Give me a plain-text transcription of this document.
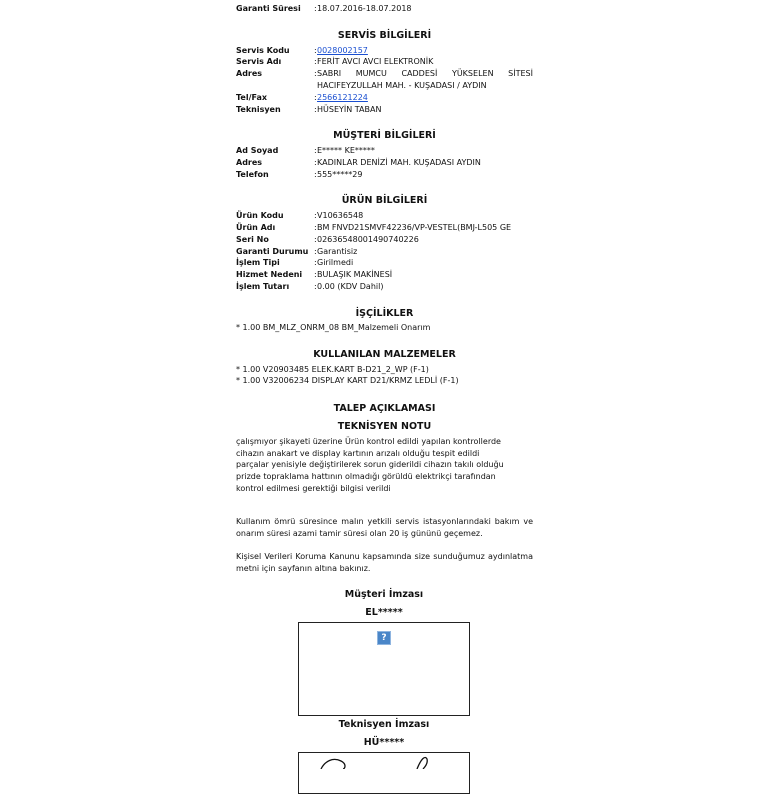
Garanti Süresi	: 18.07.2016-18.07.2018
SERVİS BİLGİLERİ
Servis Kodu	: 0028002157
Servis Adı	: FERİT AVCI AVCI ELEKTRONİK
Adres	: SABRI MUMCU CADDESİ YÜKSELEN SİTESİ
HACIFEYZULLAH MAH. - KUŞADASI / AYDIN
Tel/Fax	: 2566121224
Teknisyen	: HÜSEYİN TABAN
MÜŞTERİ BİLGİLERİ
Ad Soyad	: E***** KE*****
Adres	: KADINLAR DENİZİ MAH. KUŞADASI AYDIN
Telefon	: 555*****29
ÜRÜN BİLGİLERİ
Ürün Kodu	: V10636548
Ürün Adı	: BM FNVD21SMVF42236/VP-VESTEL(BMJ-L505 GE
Seri No	: 02636548001490740226
Garanti Durumu : Garantisiz
İşlem Tipi	: Girilmedi
Hizmet Nedeni	: BULAŞIK MAKİNESİ
İşlem Tutarı	: 0.00 (KDV Dahil)
İŞÇİLİKLER
* 1.00 BM_MLZ_ONRM_08 BM_Malzemeli Onarım
KULLANILAN MALZEMELER
* 1.00 V20903485 ELEK.KART B-D21_2_WP (F-1)
* 1.00 V32006234 DISPLAY KART D21/KRMZ LEDLİ (F-1)
TALEP AÇIKLAMASI
TEKNİSYEN NOTU
çalışmıyor şikayeti üzerine Ürün kontrol edildi yapılan kontrollerde
cihazın anakart ve display kartının arızalı olduğu tespit edildi
parçalar yenisiyle değiştirilerek sorun giderildi cihazın takılı olduğu
prizde topraklama hattının olmadığı görüldü elektrikçi tarafından
kontrol edilmesi gerektiği bilgisi verildi
Kullanım ömrü süresince malın yetkili servis istasyonlarındaki bakım ve
onarım süresi azami tamir süresi olan 20 iş gününü geçemez.
Kişisel Verileri Koruma Kanunu kapsamında size sunduğumuz aydınlatma
metni için sayfanın altına bakınız.
Müşteri İmzası
EL*****
?
Teknisyen İmzası
HÜ*****
